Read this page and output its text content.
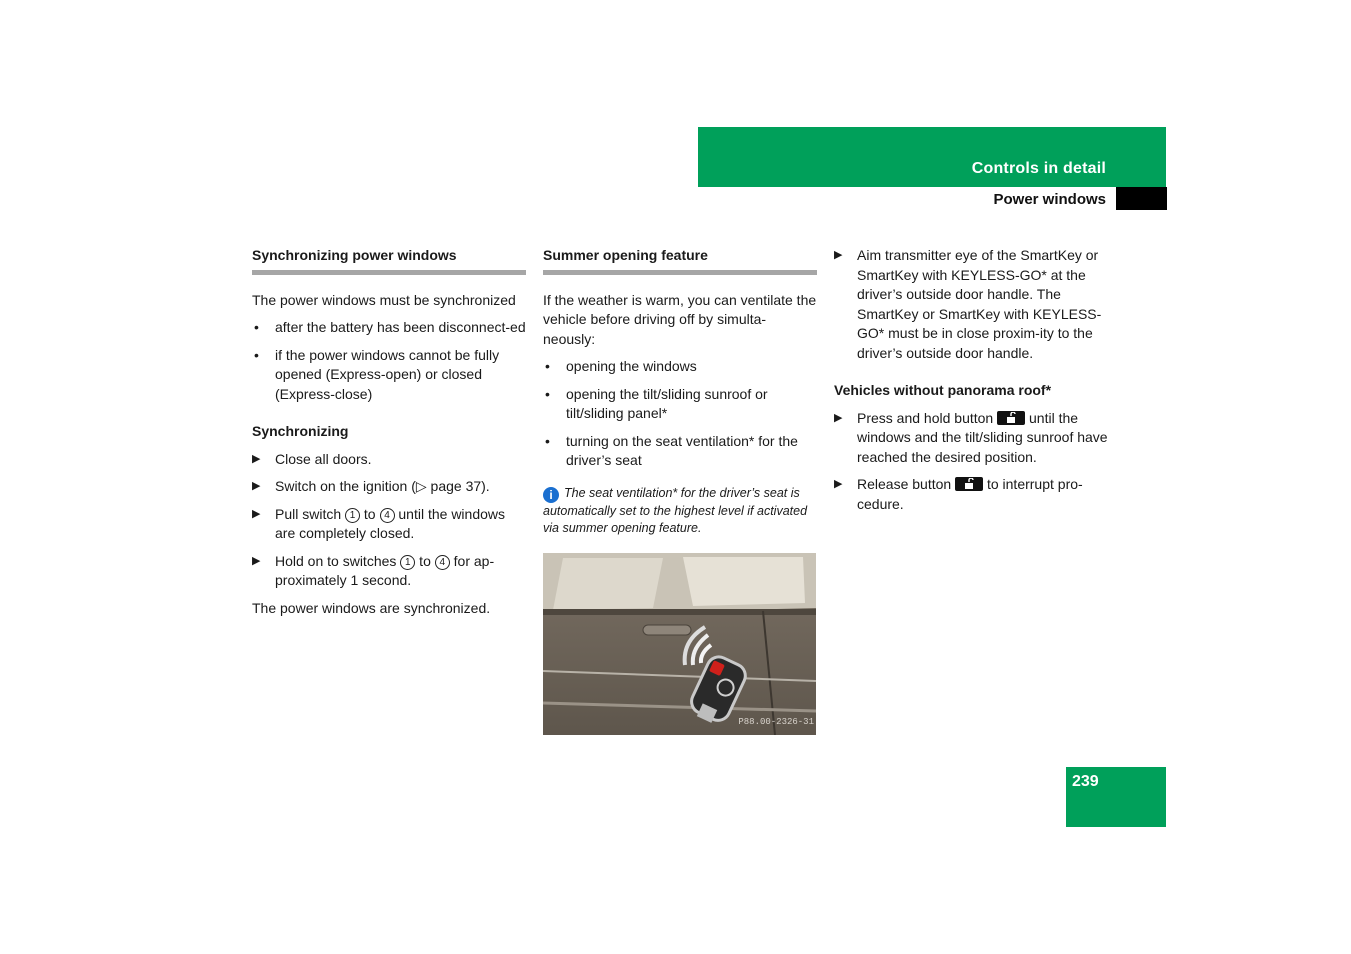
Controls in detail
Power windows
Synchronizing power windows

The power windows must be synchronized

• after the battery has been disconnect-ed
• if the power windows cannot be fully opened (Express-open) or closed (Express-close)
Synchronizing
▶ Close all doors.
▶ Switch on the ignition (▷ page 37).
▶ Pull switch 1 to 4 until the windows are completely closed.
▶ Hold on to switches 1 to 4 for ap-proximately 1 second.

The power windows are synchronized.

Summer opening feature

If the weather is warm, you can ventilate the vehicle before driving off by simulta-neously:

• opening the windows
• opening the tilt/sliding sunroof or tilt/sliding panel*
• turning on the seat ventilation* for the driver’s seat
i The seat ventilation* for the driver’s seat is automatically set to the highest level if activated via summer opening feature.
P88.00-2326-31
▶ Aim transmitter eye of the SmartKey or SmartKey with KEYLESS-GO* at the driver’s outside door handle. The SmartKey or SmartKey with KEYLESS-GO* must be in close proxim-ity to the driver’s outside door handle.
Vehicles without panorama roof*
▶ Press and hold button
until the windows and the tilt/sliding sunroof have reached the desired position.
▶ Release button
to interrupt pro-cedure.
239
